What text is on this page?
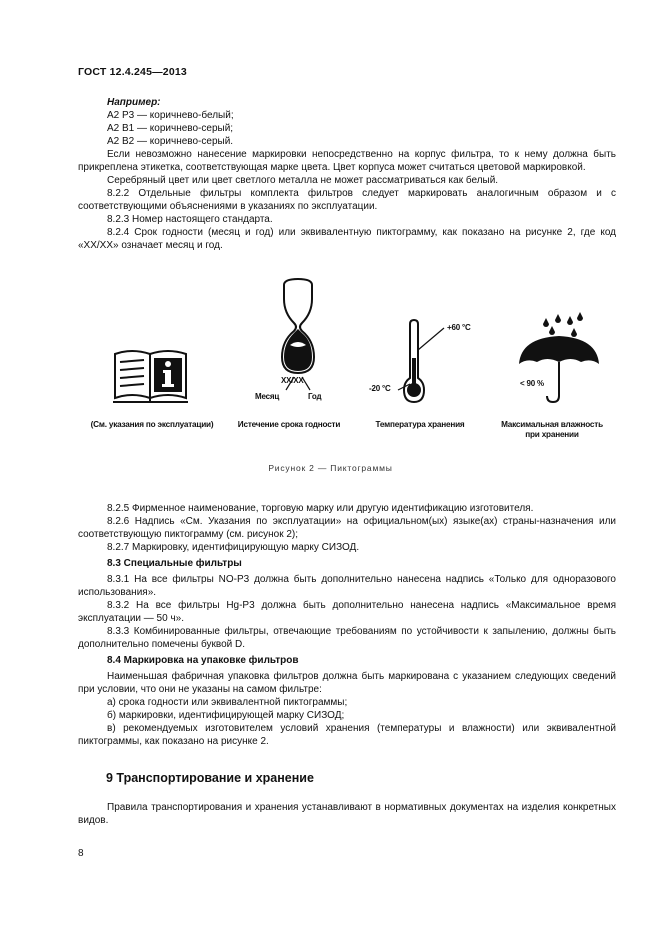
ГОСТ 12.4.245—2013

Например:

А2 Р3 — коричнево-белый;

А2 В1 — коричнево-серый;

А2 В2 — коричнево-серый.

Если невозможно нанесение маркировки непосредственно на корпус фильтра, то к нему должна быть прикреплена этикетка, соответствующая марке цвета. Цвет корпуса может считаться цветовой маркировкой.

Серебряный цвет или цвет светлого металла не может рассматриваться как белый.

8.2.2 Отдельные фильтры комплекта фильтров следует маркировать аналогичным образом и с соответствующими объяснениями в указаниях по эксплуатации.

8.2.3 Номер настоящего стандарта.

8.2.4 Срок годности (месяц и год) или эквивалентную пиктограмму, как показано на рисунке 2, где код «XX/XX» означает месяц и год.

XX/XX
Месяц	Год
+60 °С
-20 °С
< 90 %
(См. указания по эксплуатации)	Истечение срока годности	Температура хранения	Максимальная влажность
при хранении
Рисунок 2 — Пиктограммы

8.2.5 Фирменное наименование, торговую марку или другую идентификацию изготовителя.

8.2.6 Надпись «См. Указания по эксплуатации» на официальном(ых) языке(ах) страны-назначения или соответствующую пиктограмму (см. рисунок 2);

8.2.7 Маркировку, идентифицирующую марку СИЗОД.

8.3 Специальные фильтры

8.3.1 На все фильтры NO-P3 должна быть дополнительно нанесена надпись «Только для одноразового использования».

8.3.2 На все фильтры Hg-P3 должна быть дополнительно нанесена надпись «Максимальное время эксплуатации — 50 ч».

8.3.3 Комбинированные фильтры, отвечающие требованиям по устойчивости к запылению, должны быть дополнительно помечены буквой D.

8.4 Маркировка на упаковке фильтров

Наименьшая фабричная упаковка фильтров должна быть маркирована с указанием следующих сведений при условии, что они не указаны на самом фильтре:

а) срока годности или эквивалентной пиктограммы;

б) маркировки, идентифицирующей марку СИЗОД;

в) рекомендуемых изготовителем условий хранения (температуры и влажности) или эквивалентной пиктограммы, как показано на рисунке 2.

9 Транспортирование и хранение

Правила транспортирования и хранения устанавливают в нормативных документах на изделия конкретных видов.

8
